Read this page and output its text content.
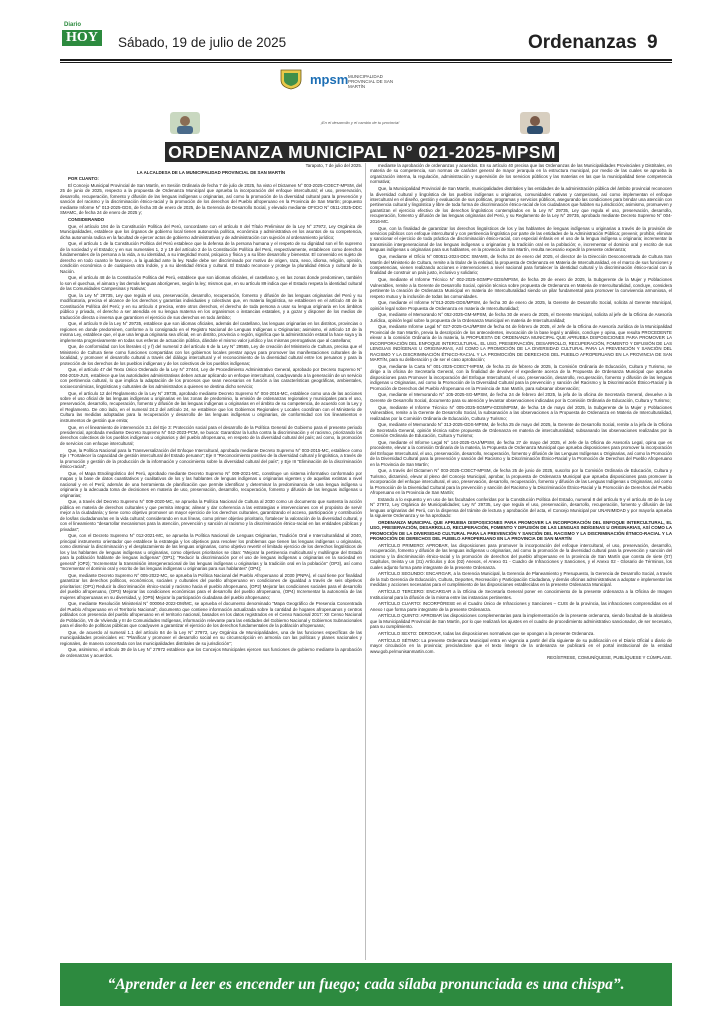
Diario
HOY	Sábado, 19 de julio de 2025	Ordenanzas 9
mpsm MUNICIPALIDAD PROVINCIAL DE SAN MARTÍN
¡En el desarrollo y el cambio de tu provincia!
ORDENANZA MUNICIPAL N° 021-2025-MPSM

Tarapoto, 7 de julio del 2025.

LA ALCALDESA DE LA MUNICIPALIDAD PROVINCIAL DE SAN MARTÍN

POR CUANTO:

El Concejo Municipal Provincial de San Martín, en Sesión Ordinaria de fecha 7 de julio de 2025, ha visto el Dictamen N° 003-2025-COECT-MPSM, del 25 de junio de 2025, respecto a la propuesta de Ordenanza Municipal que aprueba la incorporación del enfoque intercultural; el uso, preservación, desarrollo, recuperación, fomento y difusión de las lenguas indígenas u originarias, así como la promoción de la diversidad cultural para la prevención y sanción del racismo y la discriminación étnico-racial y la promoción de los derechos del Pueblo afroperuano en la Provincia de San Martín; propuesto mediante Informe N° 013-2025-GDS, de fecha 30 de enero de 2025, de la Gerencia de Desarrollo Social, y elevado mediante OFICIO N° 0511-2025-DDC SMAMC, de fecha 24 de enero de 2025 y;

CONSIDERANDO

Que, el artículo 194 de la Constitución Política del Perú, concordante con el artículo II del Título Preliminar de la Ley N° 27972, Ley Orgánica de Municipalidades, establece que los órganos de gobierno local tienen autonomía política, económica y administrativa en los asuntos de su competencia, dicha autonomía radica en la facultad de ejercer actos de gobierno administrativos y de administración con sujeción al ordenamiento jurídico;

Que, el artículo 1 de la Constitución Política del Perú establece que la defensa de la persona humana y el respeto de su dignidad son el fin supremo de la sociedad y el Estado; y en sus numerales 1, 2 y 19 del artículo 2 de la Constitución Política del Perú, respectivamente, establecen como derechos fundamentales de la persona a la vida, a su identidad, a su integridad moral, psíquica y física y a su libre desarrollo y bienestar. El convenido es sujeto de derecho en todo cuanto le favorece, a la igualdad ante la ley. Nadie debe ser discriminado por motivo de origen, raza, sexo, idioma, religión, opinión, condición económica o de cualquiera otra índole, y a su identidad étnica y cultural. El Estado reconoce y protege la pluralidad étnica y cultural de la Nación.

Que, el artículo 48 de la Constitución Política del Perú, establece que son idiomas oficiales, el castellano y, en las zonas donde predominen, también lo son el quechua, el aimara y las demás lenguas aborígenes, según la ley; mismos que, en su artículo 89 indica que el Estado respeta la identidad cultural de las Comunidades Campesinas y Nativas;

Que, la Ley N° 29735, Ley que regula el uso, preservación, desarrollo, recuperación, fomento y difusión de las lenguas originarias del Perú y su modificatoria, precisa el alcance de los derechos y garantías individuales y colectivas que, en materia lingüística, se establecen en el artículo 48 de la Constitución Política del Perú; y en su artículo 4 precisa, entre otros derechos, el derecho de toda persona a usar su lengua originaria en los ámbitos público y privado, el derecho a ser atendida en su lengua materna en los organismos o instancias estatales, y a gozar y disponer de los medios de traducción directa o inversa que garanticen el ejercicio de sus derechos en todo ámbito;

Que, el artículo 9 de la Ley N° 29735, establece que son idiomas oficiales, además del castellano, las lenguas originarias en los distritos, provincias o regiones en donde predominen, conforme a lo consignado en el Registro Nacional de Lenguas Indígenas u Originarias; asimismo, el artículo 10 de la misma Ley, establece que, el que una lengua originaria sea oficial, en un distrito, provincia o región, significa que la administración estatal la hace suya y la implementa progresivamente en todas sus esferas de actuación pública, dándole el mismo valor jurídico y las mismas prerrogativas que al castellano;

Que, de conformidad con los literales c) y f) del numeral 2 del artículo 6 de la Ley N° 29565, Ley de creación del Ministerio de Cultura, precisa que el Ministerio de Cultura tiene como funciones compartidas con los gobiernos locales prestar apoyo para promover las manifestaciones culturales de la localidad, y promover el desarrollo cultural a través del diálogo intercultural y el reconocimiento de la diversidad cultural entre los peruanos y para la protección de los derechos de los pueblos indígenas y de los colectivos de los pueblos indígenas;

Que, el artículo 47 del Texto Único Ordenado de la Ley N° 27444, Ley de Procedimiento Administrativo General, aprobado por Decreto Supremo N° 004-2019-JUS, establece que las autoridades administrativas deben actuar aplicando un enfoque intercultural, coadyuvando a la generación de un servicio con pertinencia cultural, lo que implica la adaptación de los procesos que sean necesarios en función a las características geográficas, ambientales, socioeconómicas, lingüísticas y culturales de los administrados a quienes se destina dicho servicio;

Que, el artículo 12 del Reglamento de la Ley N° 29735, aprobado mediante Decreto Supremo N° 004-2016-MC, establece como una de las acciones sobre el uso oficial de las lenguas indígenas u originarias en las zonas de predominio, la emisión de ordenanzas regionales y municipales para el uso, preservación, desarrollo, recuperación, fomento y difusión de las lenguas indígenas u originarias en el ámbito de su competencia, de acuerdo con la Ley y el Reglamento. De otro lado, en el numeral 24.2 del artículo 24, se establece que los Gobiernos Regionales y Locales coordinan con el Ministerio de Cultura las medidas adoptadas para la recuperación y desarrollo de las lenguas indígenas u originarias, de conformidad con los lineamientos e instrumentos de gestión que emita;

Que, en el lineamiento de intervención 3.1 del Eje 3: Protección social para el desarrollo de la Política General de Gobierno para el presente periodo presidencial, aprobada mediante Decreto Supremo N° 042-2023-PCM, se busca: Garantizar la lucha contra la discriminación y el racismo, priorizando los derechos colectivos de los pueblos indígenas u originarios y del pueblo afroperuano, en respeto de la diversidad cultural del país; así como, la promoción de servicios con enfoque intercultural;

Que, la Política Nacional para la Transversalización del Enfoque Intercultural, aprobada mediante Decreto Supremo N° 003-2015-MC, establece como Eje I "Fortalecer la capacidad de gestión intercultural del Estado peruano"; Eje II "Reconocimiento positivo de la diversidad cultural y lingüística, a través de la promoción y gestión de la producción de la información y conocimiento sobre la diversidad cultural del país"; y Eje III "Eliminación de la discriminación étnico-racial";

Que, el Mapa Etnolingüístico del Perú, aprobado mediante Decreto Supremo N° 009-2021-MC, constituye un sistema informativo conformado por mapas y la base de datos cuantitativos y cualitativos de los y las hablantes de lenguas indígenas u originarias vigentes y de aquellas extintas a nivel nacional y en el Perú; además de una herramienta de planificación que permite identificar y determinar la predominancia de una lengua indígena u originaria y la adecuada toma de decisiones en materia de uso, preservación, desarrollo, recuperación, fomento y difusión de las lenguas indígenas u originarias;

Que, a través del Decreto Supremo N° 009-2020-MC, se aprueba la Política Nacional de Cultura al 2030 como un documento que sustenta la acción pública en materia de derechos culturales y que permita integrar, alinear y dar coherencia a las estrategias e intervenciones con el propósito de servir mejor a la ciudadanía; y tiene como objetivo promover un mayor ejercicio de los derechos culturales, garantizando el acceso, participación y contribución de los/las ciudadanos/as en la vida cultural; considerando en sus líneas, como primer objetivo prioritario, fortalecer la valoración de la diversidad cultural, y con el lineamiento "desarrollar mecanismos para la atención, prevención y sanción al racismo y la discriminación étnico-racial en las entidades públicas y privadas";

Que, con el Decreto Supremo N° 012-2021-MC, se aprueba la Política Nacional de Lenguas Originarias, Tradición Oral e Interculturalidad al 2040, principal instrumento orientador que establece la estrategia y los objetivos para resolver los problemas que tienen las lenguas indígenas u originarias, como disminuir la discriminación y el desplazamiento de las lenguas originarias, como objetivo revertir el limitado ejercicio de los derechos lingüísticos de los y las hablantes de lenguas indígenas u originarias, como objetivos prioritarios se citan: "Mejorar la pertinencia multicultural y multilingüe del Estado para la población hablante de lenguas indígenas" (OP1); "Reducir la discriminación por el uso de lenguas indígenas u originarias en la sociedad en general" (OP2); "Incrementar la transmisión intergeneracional de las lenguas indígenas u originarias y la tradición oral en la población" (OP3), así como "Incrementar el dominio oral y escrito de las lenguas indígenas u originarias para sus hablantes" (OP4);

Que, mediante Decreto Supremo N° 005-2022-MC, se aprueba la Política Nacional del Pueblo Afroperuano al 2030 (PNPA), el cual tiene por finalidad garantizar los derechos políticos, económicos, sociales y culturales del pueblo afroperuano en condiciones de igualdad a través de seis objetivos prioritarios: (OP1) Reducir la discriminación étnico-racial y racismo hacia el pueblo afroperuano, (OP2) Mejorar las condiciones sociales para el desarrollo del pueblo afroperuano, (OP3) Mejorar las condiciones económicas para el desarrollo del pueblo afroperuano, (OP4) Incrementar la autonomía de las mujeres afroperuanas en su diversidad, y, (OP5) Mejorar la participación ciudadana del pueblo afroperuano;

Que, mediante Resolución Ministerial N° 000064-2022-DM/MC, se aprueba el documento denominado "Mapa Geográfico de Presencia Concentrada del Pueblo Afroperuano en el Territorio Nacional", documento que contiene información actualizada sobre la cantidad de hogares afroperuanos y centros poblados con presencia del pueblo afroperuano en el territorio nacional, basados en los datos registrados en el Censo Nacional 2017: XII Censo Nacional de Población, VII de Vivienda y III de Comunidades Indígenas, información relevante para las entidades del Gobierno Nacional y Gobiernos Subnacionales para el diseño de políticas públicas que coadyuven a garantizar el ejercicio de los derechos fundamentales de la población afroperuana;

Que, de acuerdo al numeral 1.1 del artículo 84 de la Ley N° 27972, Ley Orgánica de Municipalidades, una de las funciones específicas de las municipalidades provinciales es: "Planificar y promover el desarrollo social en su circunscripción en armonía con las políticas y planes nacionales y regionales, de manera concertada con las municipalidades distritales de su jurisdicción";

Que, asimismo, el artículo 39 de la Ley N° 27972 establece que los Concejos Municipales ejercen sus funciones de gobierno mediante la aprobación de ordenanzas y acuerdos.

mediante la aprobación de ordenanzas y acuerdos. En su artículo 40 precisa que las Ordenanzas de las Municipalidades Provinciales y Distritales, en materia de su competencia, son normas de carácter general de mayor jerarquía en la estructura municipal, por medio de las cuales se aprueba la organización interna, la regulación, administración y supervisión de los servicios públicos y las materias en las que la municipalidad tiene competencia normativa;

Que, la Municipalidad Provincial de San Martín, municipalidades distritales y las entidades de la administración pública del ámbito provincial reconocen la diversidad cultural y lingüística de los pueblos indígenas u originarios, comunidades nativas y campesinas, así como implementan el enfoque intercultural en el diseño, gestión y evaluación de sus políticas, programas y servicios públicos, asegurando las condiciones para brindar una atención con pertinencia cultural y lingüística y libre de toda forma de discriminación étnico-racial de los ciudadanos que habiten su jurisdicción; asimismo, promueven y garantizan el ejercicio efectivo de los derechos lingüísticos contemplados en la Ley N° 29735, Ley que regula el uso, preservación, desarrollo, recuperación, fomento y difusión de las lenguas originarias del Perú, y su Reglamento de la Ley N° 29735, aprobado mediante Decreto Supremo N° 004-2016-MC.

Que, con la finalidad de garantizar los derechos lingüísticos de los y las hablantes de lenguas indígenas u originarias a través de la provisión de servicios públicos con enfoque intercultural y con pertinencia lingüística por parte de las entidades de la Administración Pública; prevenir, prohibir, eliminar y sancionar el ejercicio de toda práctica de discriminación étnico-racial, con especial énfasis en el uso de la lengua indígena u originaria; incrementar la transmisión intergeneracional de las lenguas indígenas u originarias y la tradición oral en la población; e, incrementar el dominio oral y escrito de sus lenguas indígenas u originarias para sus hablantes, en la provincia de San Martín, resulta necesario expedir la presente ordenanza;

Que, mediante el Oficio N° 000511-2024-DDC SMAMS, de fecha 24 de enero del 2025, el director de la Dirección Desconcentrada de Cultura San Martín del Ministerio de Cultura, remite a la titular de la entidad, la propuesta de Ordenanza en Materia de Interculturalidad, en el marco de sus funciones y competencias, vienen realizando acciones e intervenciones a nivel nacional para fortalecer la identidad cultural y la discriminación étnico-racial con la finalidad de construir un país justo, inclusivo y solidario;

Que, mediante el Informe Técnico N° 002-2025-SGMPV-GDS/MPSM, de fecha 29 de enero de 2025, la Subgerente de la Mujer y Poblaciones Vulnerables, remite a la Gerente de Desarrollo Social, opinión técnica sobre propuesta de Ordenanza en Materia de Interculturalidad, concluye, considera pertinente la creación de Ordenanza Municipal en materia de Interculturalidad siendo un pilar fundamental para promover la convivencia armoniosa, el respeto mutuo y la inclusión de todas las comunidades.

Que, mediante el Informe N°013-2025-GDS/MPSM, de fecha 30 de enero de 2025, la Gerente de Desarrollo Social, solicita al Gerente Municipal, opinión legal sobre Propuesta de Ordenanza en materia de Interculturalidad;

Que, mediante el Memorando N° 052-2025-GM-MPSM, de fecha 30 de enero de 2025, el Gerente Municipal, solicita al jefe de la Oficina de Asesoría Jurídica, opinión legal sobre la propuesta de la Ordenanza Municipal en materia de Interculturalidad;

Que, mediante Informe Legal N° 027-2025-OAJ/MPSM de fecha 04 de febrero de 2025, el Jefe de la Oficina de Asesoría Jurídica de la Municipalidad Provincial de San Martín, previa la descripción de los antecedentes, invocación de la base legal y análisis, concluye y opina, que resulta PROCEDENTE elevar a la comisión Ordinaria de la materia, la PROPUESTA DE ORDENANZA MUNICIPAL QUE APRUEBA DISPOSICIONES PARA PROMOVER LA INCORPORACIÓN DEL ENFOQUE INTERCULTURAL, EL USO, PRESERVACIÓN, DESARROLLO, RECUPERACIÓN, FOMENTO Y DIFUSIÓN DE LAS LENGUAS INDÍGENAS U ORIGINARIAS, ASÍ COMO LA PROMOCIÓN DE LA DIVERSIDAD CULTURAL PARA LA PREVENCIÓN Y SANCIÓN DEL RACISMO Y LA DISCRIMINACIÓN ÉTNICO-RACIAL Y LA PROMOCIÓN DE DERECHOS DEL PUEBLO AFROPERUANO EN LA PROVINCIA DE SAN MARTÍN, para su deliberación y de ser el caso aprobación;

Que, mediante la Carta N° 001-2025-COECT-MPSM, de fecha 21 de febrero de 2025, la Comisión Ordinaria de Educación, Cultura y Turismo, se dirige a la oficina de Secretaría General, con la finalidad de devolver el expediente acerca de la Propuesta de Ordenanza Municipal que aprueba disposiciones para Promover la incorporación del Enfoque Intercultural, el uso, preservación, desarrollo, recuperación, fomento y difusión de las lenguas indígenas u Originarias, así como la Promoción de la Diversidad Cultural para la prevención y sanción del Racismo y la Discriminación Étnico-Racial y la Promoción de Derechos del Pueblo Afroperuano en la Provincia de San Martín, para subsanar observación;

Que, mediante el Memorando N° 105-2025-SG-MPSM, de fecha 24 de febrero del 2025, la jefa de la oficina de Secretaría General, devuelve a la Gerente de Desarrollo Social, documento para su atención y levantar observaciones indicadas por la Comisión Ordinaria de Educación, Cultura y Turismo;

Que, mediante el Informe Técnico N° 005-2025-SGMPV-GDS/MPSM, de fecha 19 de mayo del 2025, la Subgerente de la Mujer y Poblaciones Vulnerables, remite a la Gerente de Desarrollo Social, la subsanación a las observaciones a la Propuesta de Ordenanza en Materia de Interculturalidad, realizadas por la Comisión Ordinaria de Educación, Cultura y Turismo;

Que, mediante el Memorando N° 313-2025-GDS-MPSM, de fecha 25 de mayo del 2025, la Gerente de Desarrollo Social, remite a la jefa de la Oficina de Secretaría General, opinión técnica sobre propuesta de Ordenanza en materia de interculturalidad; subsanando las observaciones realizadas por la Comisión Ordinaria de Educación, Cultura y Turismo;

Que, mediante el Informe Legal N° 144-2025-OAJ/MPSM, de fecha 27 de mayo del 2025, el Jefe de la Oficina de Asesoría Legal, opina que es procedente, elevar a la comisión Ordinaria de la materia, la Propuesta de Ordenanza Municipal que aprueba disposiciones para promover la incorporación del Enfoque Intercultural, el uso, preservación, desarrollo, recuperación, fomento y difusión de las Lenguas Indígenas u Originarias, así como la Promoción de la Diversidad Cultural para la prevención y sanción del Racismo y la Discriminación Étnico-Racial y la Promoción de Derechos del Pueblo Afroperuano en la Provincia de San Martín;

Que, a través del Dictamen N° 003-2025-COECT-MPSM, de fecha 25 de junio de 2025, suscrito por la Comisión Ordinaria de Educación, Cultura y Turismo, dictaminó, elevar al pleno del Concejo Municipal, aprobar, la propuesta de Ordenanza Municipal que aprueba disposiciones para promover la incorporación del enfoque intercultural, el uso, preservación, desarrollo, recuperación, fomento y difusión de las Lenguas Indígenas u Originarias, así como la Promoción de la Diversidad Cultural para la prevención y sanción del Racismo y la Discriminación Étnico-Racial y la Promoción de Derechos del Pueblo Afroperuano en la Provincia de San Martín;

Estando a lo expuesto y en uso de las facultades conferidas por la Constitución Política del Estado, numeral 8 del artículo 9 y el artículo 40 de la Ley N° 27972, Ley Orgánica de Municipalidades; Ley N° 29735, Ley que regula el uso, preservación, desarrollo, recuperación, fomento y difusión de las lenguas originarias del Perú, con la dispensa del trámite de lectura y aprobación del acta, el Concejo Municipal por UNANIMIDAD y por mayoría aprueba la siguiente Ordenanza y se ha aprobado:

ORDENANZA MUNICIPAL QUE APRUEBA DISPOSICIONES PARA PROMOVER LA INCORPORACIÓN DEL ENFOQUE INTERCULTURAL, EL USO, PRESERVACIÓN, DESARROLLO, RECUPERACIÓN, FOMENTO Y DIFUSIÓN DE LAS LENGUAS INDÍGENAS U ORIGINARIAS, ASÍ COMO LA PROMOCIÓN DE LA DIVERSIDAD CULTURAL PARA LA PREVENCIÓN Y SANCIÓN DEL RACISMO Y LA DISCRIMINACIÓN ÉTNICO-RACIAL Y LA PROMOCIÓN DE DERECHOS DEL PUEBLO AFROPERUANO EN LA PROVINCIA DE SAN MARTÍN

ARTÍCULO PRIMERO: APROBAR, las disposiciones para promover la incorporación del enfoque intercultural, el uso, preservación, desarrollo, recuperación, fomento y difusión de las lenguas indígenas u originarias, así como la promoción de la diversidad cultural para la prevención y sanción del racismo y la discriminación étnico-racial y la promoción de derechos del pueblo afroperuano en la provincia de San Martín que consta de siete (07) Capítulos, treinta y un (31) Artículos y dos (02) Anexos, el Anexo 01 - Cuadro de Infracciones y Sanciones, y el Anexo 02 - Glosario de Términos, los cuales adjunto forma parte integrante de la presente Ordenanza.

ARTÍCULO SEGUNDO: ENCARGAR, a la Gerencia Municipal, la Gerencia de Planeamiento y Presupuesto, la Gerencia de Desarrollo Social, a través de la Sub Gerencia de Educación, Cultura, Deportes, Recreación y Participación Ciudadana, y demás oficinas administrativas a adoptar e implementar las medidas y acciones necesarias para el cumplimiento de las disposiciones establecidas en la presente Ordenanza Municipal.

ARTÍCULO TERCERO: ENCARGAR a la Oficina de Secretaría General poner en conocimiento de la presente ordenanza a la Oficina de Imagen Institucional para la difusión de la misma entre las instancias pertinentes.

ARTÍCULO CUARTO: INCORPÓRESE en el Cuadro Único de Infracciones y Sanciones – CUIS de la provincia, las infracciones comprendidas en el Anexo I que forma parte integrante de la presente Ordenanza.

ARTÍCULO QUINTO: APROBAR las disposiciones complementarias para la implementación de la presente ordenanza, siendo facultad de la alcaldesa que la Municipalidad Provincial de San Martín, por lo que realizará los ajustes en el cuadro de procedimiento administrativo sancionador, de ser necesario, para su cumplimiento.

ARTÍCULO SEXTO: DEROGAR, todas las disposiciones normativas que se opongan a la presente Ordenanza.

ARTÍCULO SÉTIMO: La presente Ordenanza Municipal entra en vigencia a partir del día siguiente de su publicación en el Diario Oficial o diario de mayor circulación en la provincia; precisándose que el texto íntegro de la ordenanza se publicará en el portal institucional de la entidad www.gob.pe/munisanmartin.com.

REGÍSTRESE, COMUNÍQUESE, PUBLÍQUESE Y CÚMPLASE.

“Aprender a leer es encender un fuego; cada sílaba pronunciada es una chispa”.
